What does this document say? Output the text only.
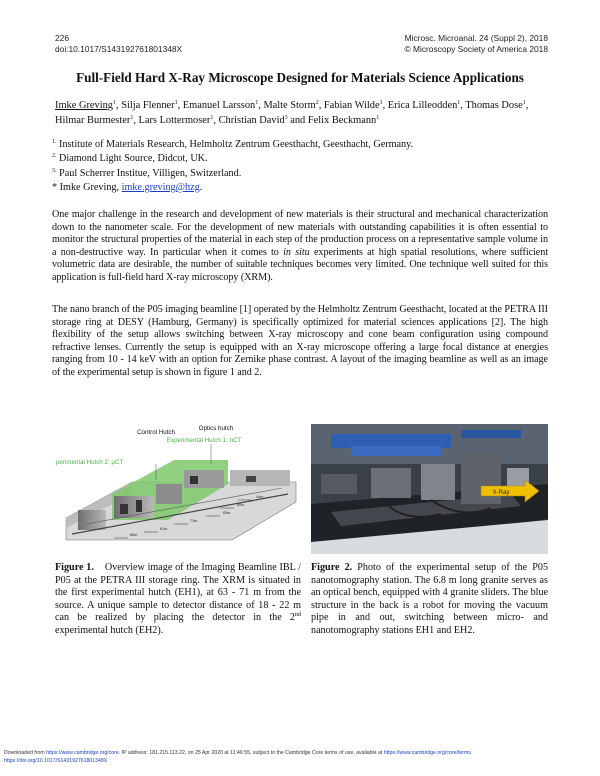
226
doi:10.1017/S143192761801348X
Microsc. Microanal. 24 (Suppl 2), 2018
© Microscopy Society of America 2018
Full-Field Hard X-Ray Microscope Designed for Materials Science Applications
Imke Greving$^1$, Silja Flenner$^1$, Emanuel Larsson$^1$, Malte Storm$^2$, Fabian Wilde$^1$, Erica Lilleodden$^1$, Thomas Dose$^1$, Hilmar Burmester$^1$, Lars Lottermoser$^1$, Christian David$^3$ and Felix Beckmann$^1$
$^{1.}$ Institute of Materials Research, Helmholtz Zentrum Geesthacht, Geesthacht, Germany.
$^{2.}$ Diamond Light Source, Didcot, UK.
$^{3.}$ Paul Scherrer Institue, Villigen, Switzerland.
* Imke Greving, imke.greving@hzg.
One major challenge in the research and development of new materials is their structural and mechanical characterization down to the nanometer scale. For the development of new materials with outstanding capabilities it is often essential to monitor the structural properties of the material in each step of the production process on a representative sample volume in a non-destructive way. In particular when it comes to in situ experiments at high spatial resolutions, where sufficient volumetric data are desirable, the number of suitable techniques becomes very limited. One technique well suited for this application is full-field hard X-ray microscopy (XRM).
The nano branch of the P05 imaging beamline [1] operated by the Helmholtz Zentrum Geesthacht, located at the PETRA III storage ring at DESY (Hamburg, Germany) is specifically optimized for material sciences applications [2]. The high flexibility of the setup allows switching between X-ray microscopy and cone beam configuration using compound refractive lenses. Currently the setup is equipped with an X-ray microscope offering a large focal distance at energies ranging from 10 - 14 keV with an option for Zernike phase contrast. A layout of the imaging beamline as well as an image of the experimental setup is shown in figure 1 and 2.
Control Hutch
Optics hutch
Experimental Hutch 1: nCT
Experimental Hutch 2: µCT
44m
60m
63m
71m
81m
85m
X-Ray
Figure 1. Overview image of the Imaging Beamline IBL / P05 at the PETRA III storage ring. The XRM is situated in the first experimental hutch (EH1), at 63 - 71 m from the source. A unique sample to detector distance of 18 - 22 m can be realized by placing the detector in the 2nd experimental hutch (EH2).
Figure 2. Photo of the experimental setup of the P05 nanotomography station. The 6.8 m long granite serves as an optical bench, equipped with 4 granite sliders. The blue structure in the back is a robot for moving the vacuum pipe in and out, switching between micro- and nanotomography stations EH1 and EH2.
Downloaded from https://www.cambridge.org/core. IP address: 181.215.113.22, on 25 Apr 2020 at 11:46:55, subject to the Cambridge Core terms of use, available at https://www.cambridge.org/core/terms.
https://doi.org/10.1017/S143192761801348X
